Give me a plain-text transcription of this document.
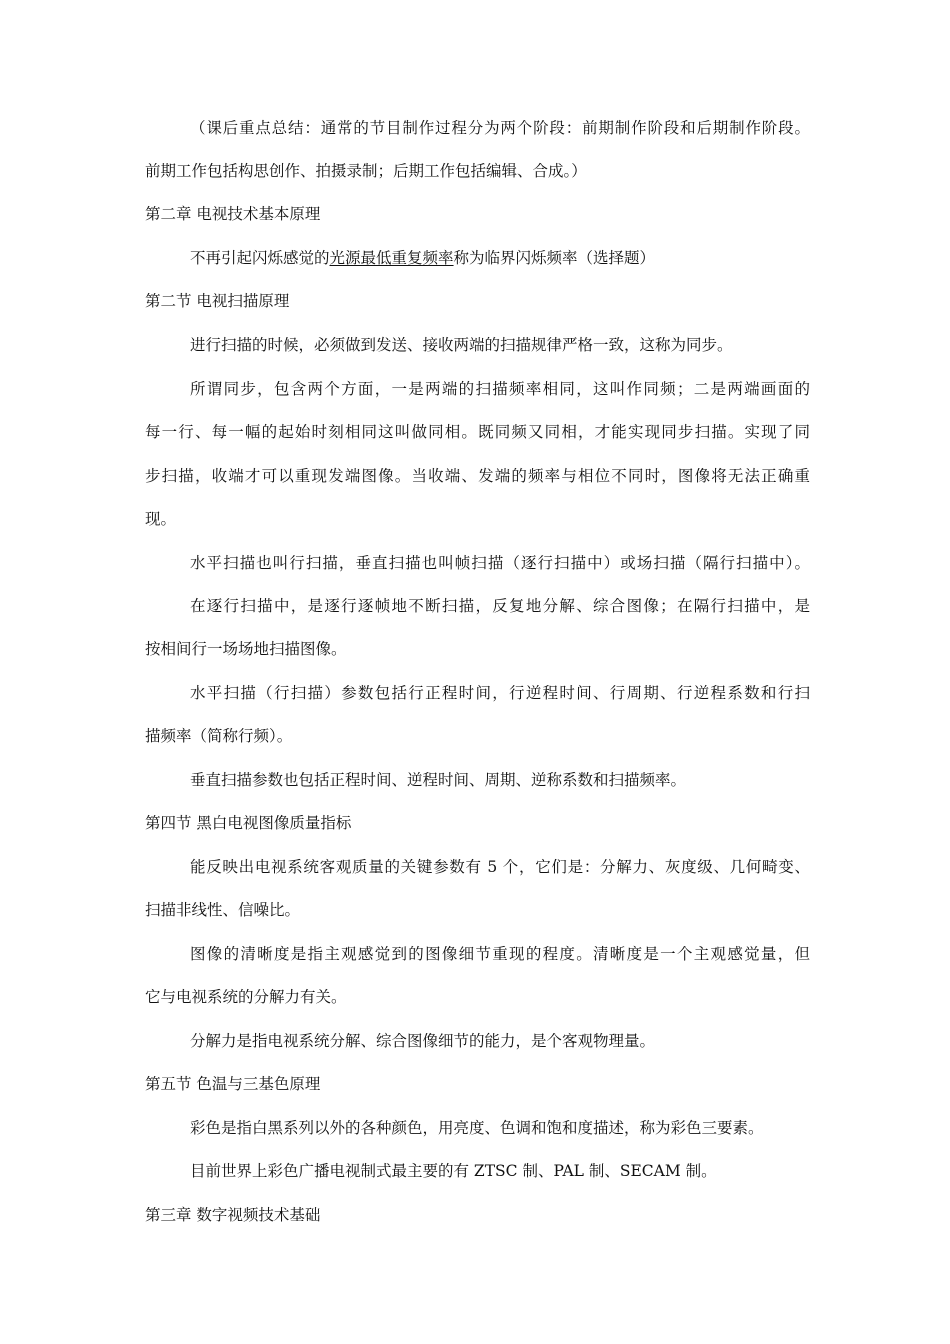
（课后重点总结：通常的节目制作过程分为两个阶段：前期制作阶段和后期制作阶段。
前期工作包括构思创作、拍摄录制；后期工作包括编辑、合成。）
第二章 电视技术基本原理
不再引起闪烁感觉的光源最低重复频率称为临界闪烁频率（选择题）
第二节 电视扫描原理
进行扫描的时候，必须做到发送、接收两端的扫描规律严格一致，这称为同步。
所谓同步，包含两个方面，一是两端的扫描频率相同，这叫作同频；二是两端画面的
每一行、每一幅的起始时刻相同这叫做同相。既同频又同相，才能实现同步扫描。实现了同
步扫描，收端才可以重现发端图像。当收端、发端的频率与相位不同时，图像将无法正确重
现。
水平扫描也叫行扫描，垂直扫描也叫帧扫描（逐行扫描中）或场扫描（隔行扫描中）。
在逐行扫描中，是逐行逐帧地不断扫描，反复地分解、综合图像；在隔行扫描中，是
按相间行一场场地扫描图像。
水平扫描（行扫描）参数包括行正程时间，行逆程时间、行周期、行逆程系数和行扫
描频率（简称行频）。
垂直扫描参数也包括正程时间、逆程时间、周期、逆称系数和扫描频率。
第四节 黑白电视图像质量指标
能反映出电视系统客观质量的关键参数有 5 个，它们是：分解力、灰度级、几何畸变、
扫描非线性、信噪比。
图像的清晰度是指主观感觉到的图像细节重现的程度。清晰度是一个主观感觉量，但
它与电视系统的分解力有关。
分解力是指电视系统分解、综合图像细节的能力，是个客观物理量。
第五节 色温与三基色原理
彩色是指白黑系列以外的各种颜色，用亮度、色调和饱和度描述，称为彩色三要素。
目前世界上彩色广播电视制式最主要的有 ZTSC 制、PAL 制、SECAM 制。
第三章 数字视频技术基础
